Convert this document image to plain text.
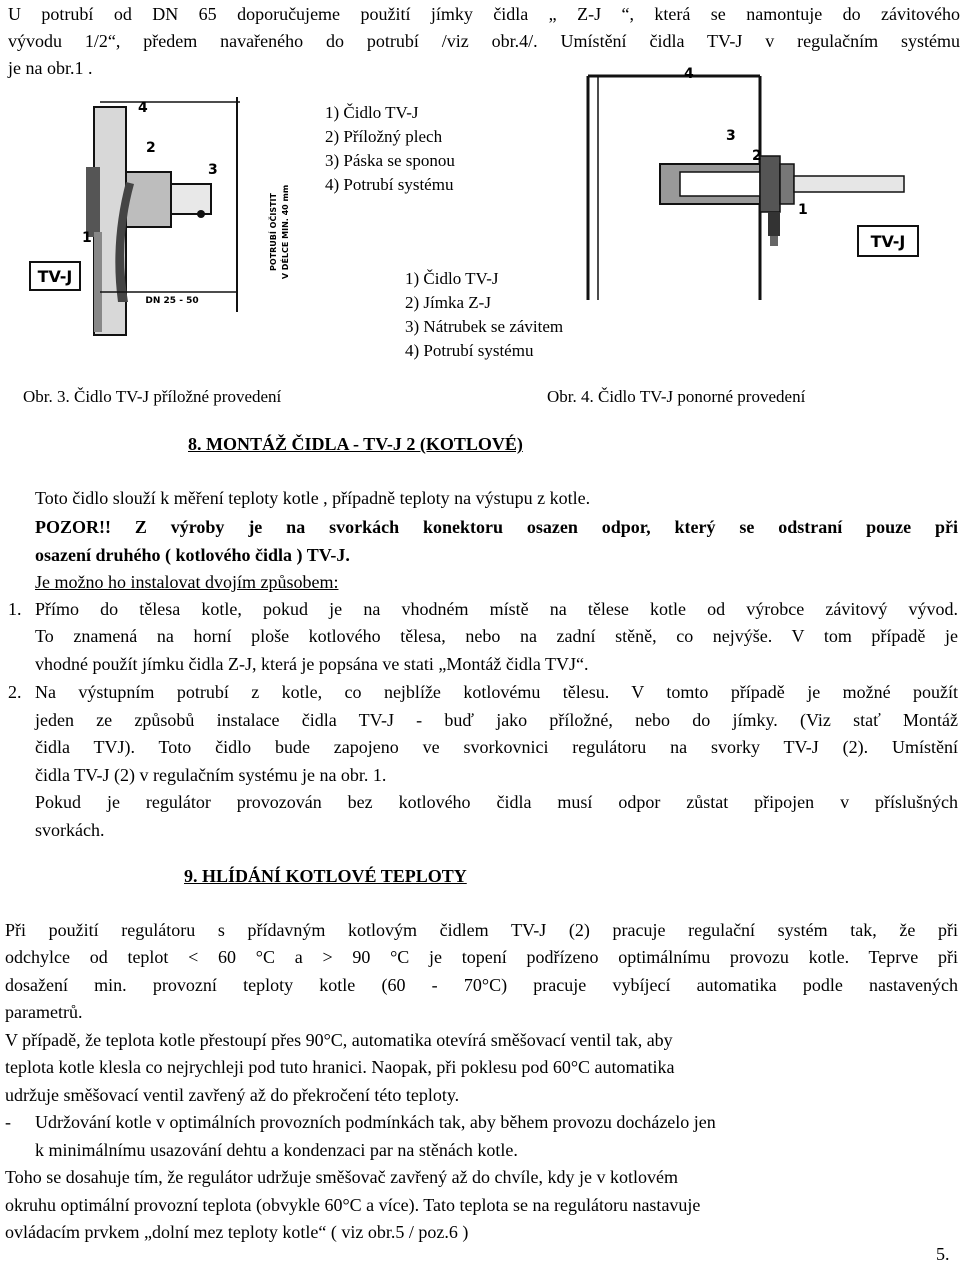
U potrubí od DN 65 doporučujeme použití jímky čidla „ Z-J “, která se namontuje do závitového
vývodu 1/2“, předem navařeného do potrubí /viz obr.4/. Umístění čidla TV-J v regulačním systému
je na obr.1 .
TV-J
DN 25 - 50
POTRUBÍ OČISTIT V DÉLCE MIN. 40 mm
4
2
3
1
1) Čidlo TV-J
2) Příložný plech
3) Páska se sponou
4) Potrubí systému
1) Čidlo TV-J
2) Jímka Z-J
3) Nátrubek se závitem
4) Potrubí systému
TV-J
4
3
2
1
Obr. 3. Čidlo TV-J příložné provedení	Obr. 4. Čidlo TV-J ponorné provedení
8. MONTÁŽ ČIDLA - TV-J 2 (KOTLOVÉ)
Toto čidlo slouží k měření teploty kotle , případně teploty na výstupu z kotle.
POZOR!! Z výroby je na svorkách konektoru osazen odpor, který se odstraní pouze při
osazení druhého ( kotlového čidla ) TV-J.
Je možno ho instalovat dvojím způsobem:
1. Přímo do tělesa kotle, pokud je na vhodném místě na tělese kotle od výrobce závitový vývod.
To znamená na horní ploše kotlového tělesa, nebo na zadní stěně, co nejvýše. V tom případě je
vhodné použít jímku čidla Z-J, která je popsána ve stati „Montáž čidla TVJ“.
2. Na výstupním potrubí z kotle, co nejblíže kotlovému tělesu. V tomto případě je možné použít
jeden ze způsobů instalace čidla TV-J - buď jako příložné, nebo do jímky. (Viz stať Montáž
čidla TVJ). Toto čidlo bude zapojeno ve svorkovnici regulátoru na svorky TV-J (2). Umístění
čidla TV-J (2) v regulačním systému je na obr. 1.
Pokud je regulátor provozován bez kotlového čidla musí odpor zůstat připojen v příslušných
svorkách.
9. HLÍDÁNÍ KOTLOVÉ TEPLOTY
Při použití regulátoru s přídavným kotlovým čidlem TV-J (2) pracuje regulační systém tak, že při
odchylce od teplot < 60 °C a > 90 °C je topení podřízeno optimálnímu provozu kotle. Teprve při
dosažení min. provozní teploty kotle (60 - 70°C) pracuje vybíjecí automatika podle nastavených
parametrů.
V případě, že teplota kotle přestoupí přes 90°C, automatika otevírá směšovací ventil tak, aby
teplota kotle klesla co nejrychleji pod tuto hranici. Naopak, při poklesu pod 60°C automatika
udržuje směšovací ventil zavřený až do překročení této teploty.
- Udržování kotle v optimálních provozních podmínkách tak, aby během provozu docházelo jen
k minimálnímu usazování dehtu a kondenzaci par na stěnách kotle.
Toho se dosahuje tím, že regulátor udržuje směšovač zavřený až do chvíle, kdy je v kotlovém
okruhu optimální provozní teplota (obvykle 60°C a více). Tato teplota se na regulátoru nastavuje
ovládacím prvkem „dolní mez teploty kotle“ ( viz obr.5 / poz.6 )
5.
